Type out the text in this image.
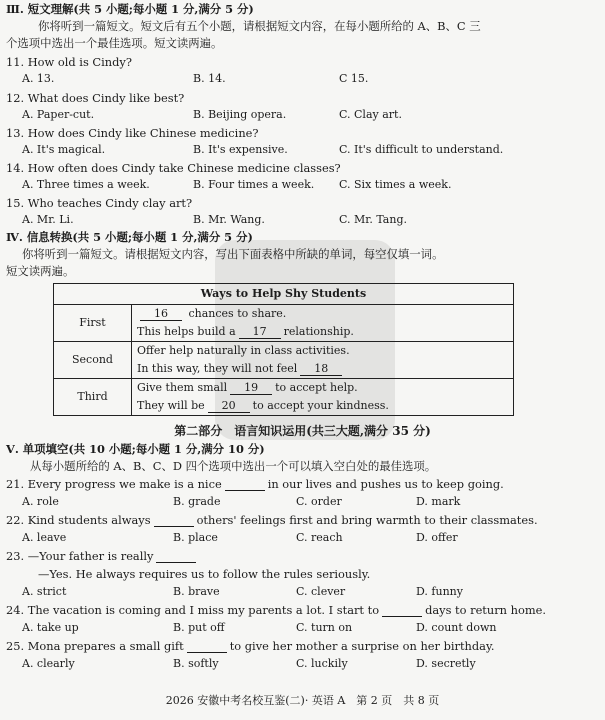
Ⅲ. 短文理解(共 5 小题;每小题 1 分,满分 5 分)
你将听到一篇短文。短文后有五个小题，请根据短文内容，在每小题所给的 A、B、C 三
个选项中选出一个最佳选项。短文读两遍。
11. How old is Cindy?
A. 13.	B. 14.	C 15.
12. What does Cindy like best?
A. Paper-cut.	B. Beijing opera.	C. Clay art.
13. How does Cindy like Chinese medicine?
A. It's magical.	B. It's expensive.	C. It's difficult to understand.
14. How often does Cindy take Chinese medicine classes?
A. Three times a week.	B. Four times a week. C. Six times a week.
15. Who teaches Cindy clay art?
A. Mr. Li.	B. Mr. Wang.	C. Mr. Tang.
Ⅳ. 信息转换(共 5 小题;每小题 1 分,满分 5 分)
你将听到一篇短文。请根据短文内容，写出下面表格中所缺的单词，每空仅填一词。
短文读两遍。
Ways to Help Shy Students	
First	16 chances to share.
This helps build a 17 relationship.

Second	Offer help naturally in class activities.
In this way, they will not feel 18

Third	Give them small 19 to accept help.
They will be 20 to accept your kindness.
第二部分　语言知识运用(共三大题,满分 35 分)
Ⅴ. 单项填空(共 10 小题;每小题 1 分,满分 10 分)
从每小题所给的 A、B、C、D 四个选项中选出一个可以填入空白处的最佳选项。
21. Every progress we make is a nice	in our lives and pushes us to keep going.
A. role	B. grade	C. order	D. mark
22. Kind students always	others' feelings first and bring warmth to their classmates.
A. leave	B. place	C. reach	D. offer
23. —Your father is really
—Yes. He always requires us to follow the rules seriously.
A. strict	B. brave	C. clever	D. funny
24. The vacation is coming and I miss my parents a lot. I start to	days to return home.
A. take up	B. put off	C. turn on	D. count down
25. Mona prepares a small gift	to give her mother a surprise on her birthday.
A. clearly	B. softly	C. luckily	D. secretly
2026 安徽中考名校互鉴(二)· 英语 A　第 2 页　共 8 页
